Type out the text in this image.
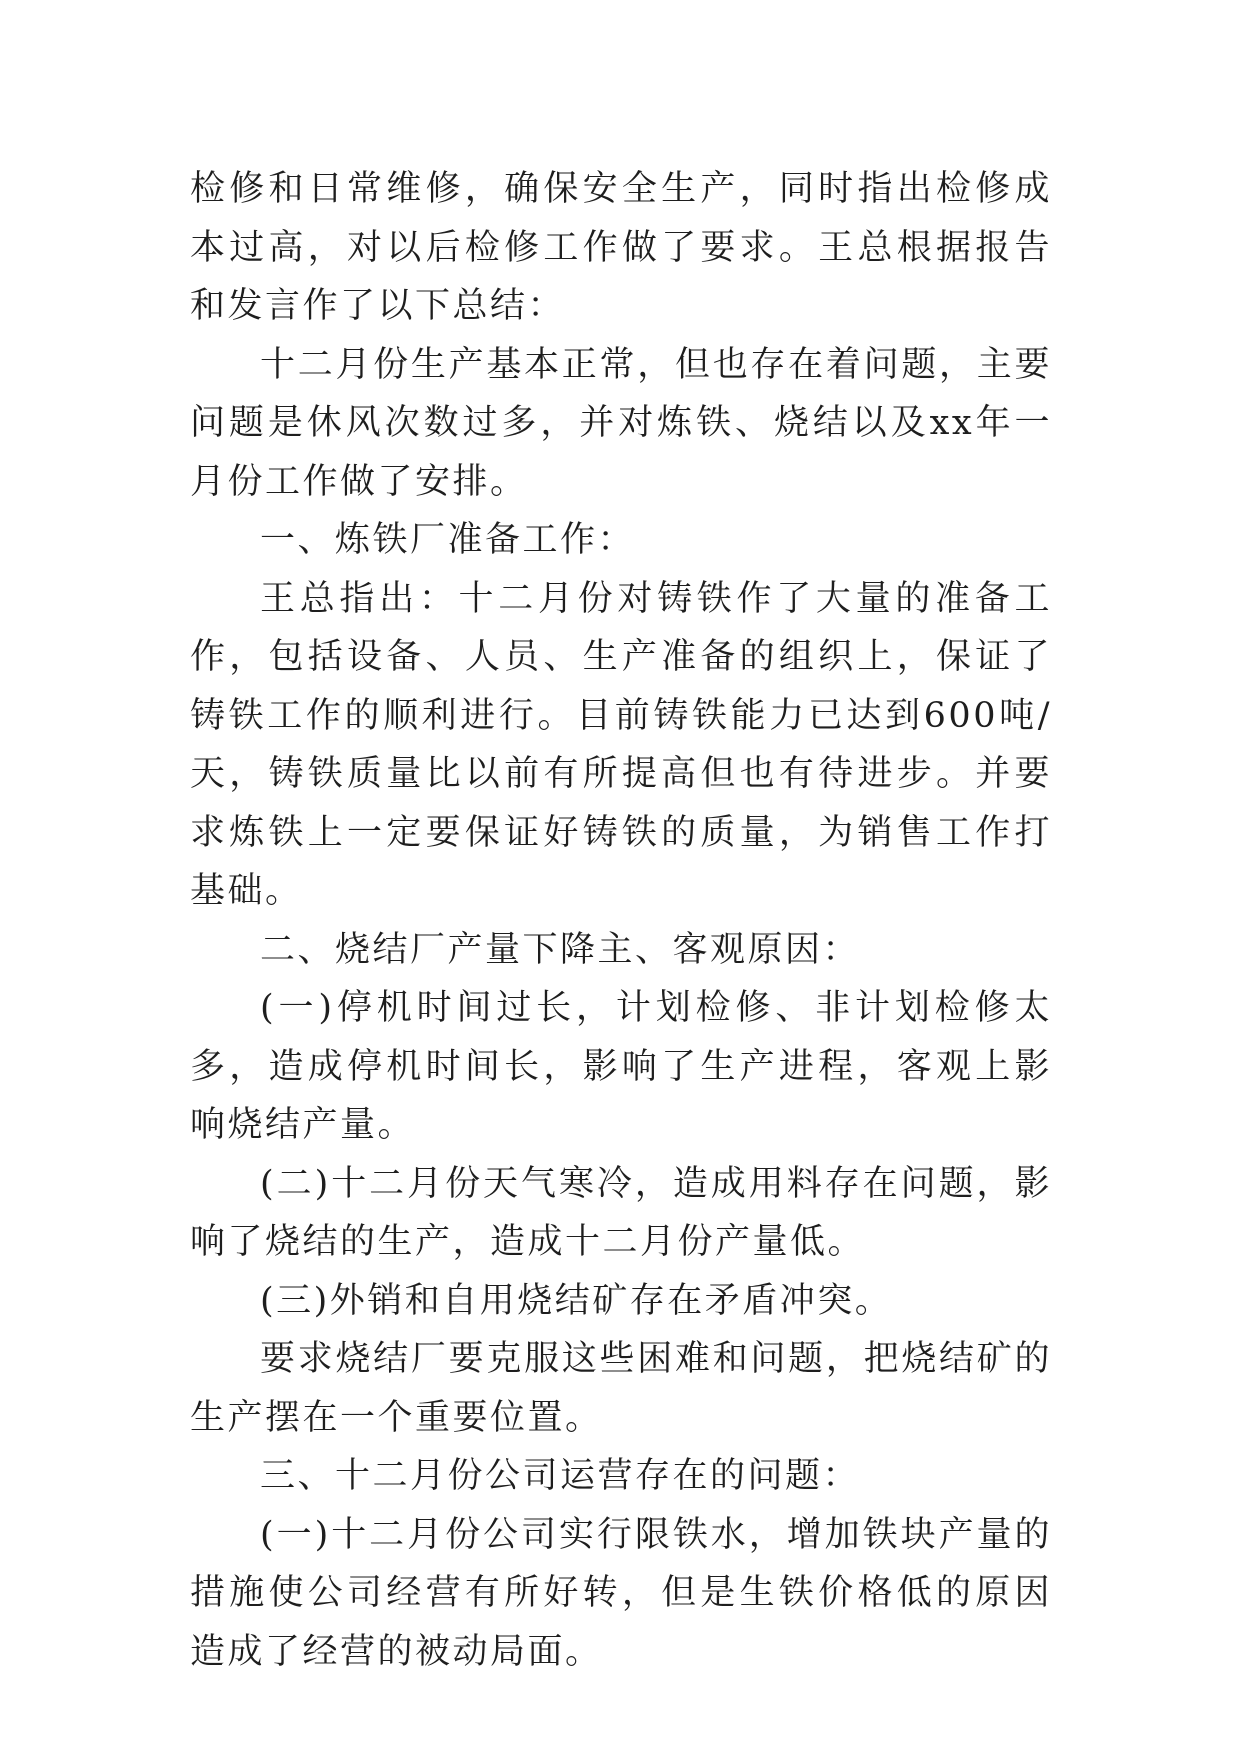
检修和日常维修，确保安全生产，同时指出检修成本过高，对以后检修工作做了要求。王总根据报告和发言作了以下总结：

十二月份生产基本正常，但也存在着问题，主要问题是休风次数过多，并对炼铁、烧结以及xx年一月份工作做了安排。

一、炼铁厂准备工作：

王总指出：十二月份对铸铁作了大量的准备工作，包括设备、人员、生产准备的组织上，保证了铸铁工作的顺利进行。目前铸铁能力已达到600吨/天，铸铁质量比以前有所提高但也有待进步。并要求炼铁上一定要保证好铸铁的质量，为销售工作打基础。

二、烧结厂产量下降主、客观原因：

(一)停机时间过长，计划检修、非计划检修太多，造成停机时间长，影响了生产进程，客观上影响烧结产量。

(二)十二月份天气寒冷，造成用料存在问题，影响了烧结的生产，造成十二月份产量低。

(三)外销和自用烧结矿存在矛盾冲突。

要求烧结厂要克服这些困难和问题，把烧结矿的生产摆在一个重要位置。

三、十二月份公司运营存在的问题：

(一)十二月份公司实行限铁水，增加铁块产量的措施使公司经营有所好转，但是生铁价格低的原因造成了经营的被动局面。
